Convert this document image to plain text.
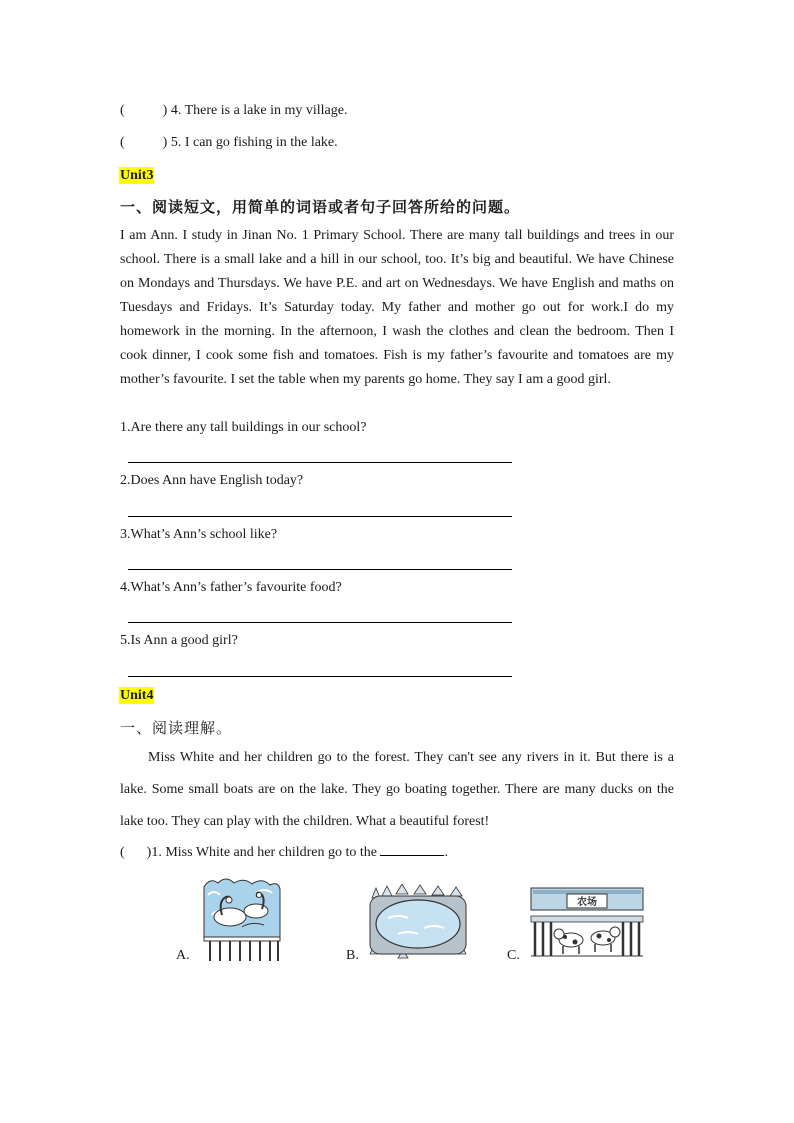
(	) 4. There is a lake in my village.
(	) 5. I can go fishing in the lake.
Unit3
一、阅读短文，用简单的词语或者句子回答所给的问题。

I am Ann. I study in Jinan No. 1 Primary School. There are many tall buildings and trees in our school. There is a small lake and a hill in our school, too. It’s big and beautiful. We have Chinese on Mondays and Thursdays. We have P.E. and art on Wednesdays. We have English and maths on Tuesdays and Fridays. It’s Saturday today. My father and mother go out for work.I do my homework in the morning. In the afternoon, I wash the clothes and clean the bedroom. Then I cook dinner, I cook some fish and tomatoes. Fish is my father’s favourite and tomatoes are my mother’s favourite. I set the table when my parents go home. They say I am a good girl.

1.Are there any tall buildings in our school?
2.Does Ann have English today?
3.What’s Ann’s school like?
4.What’s Ann’s father’s favourite food?
5.Is Ann a good girl?
Unit4
一、阅读理解。
Miss White and her children go to the forest. They can't see any rivers in it. But there is a lake. Some small boats are on the lake. They go boating together. There are many ducks on the lake too. They can play with the children. What a beautiful forest!
( )1. Miss White and her children go to the	.
A.	B.	C.
农场
